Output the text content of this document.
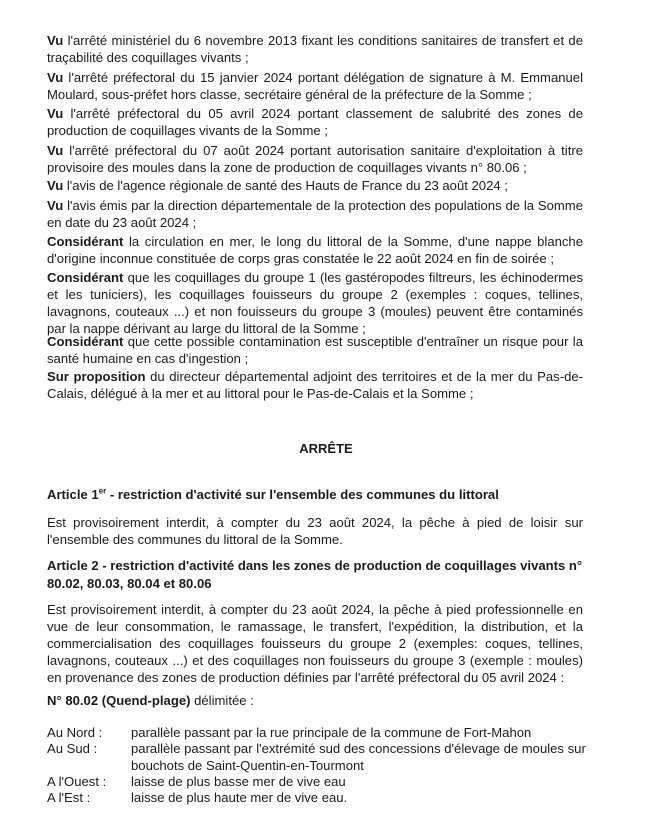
Vu l'arrêté ministériel du 6 novembre 2013 fixant les conditions sanitaires de transfert et de traçabilité des coquillages vivants ;

Vu l'arrêté préfectoral du 15 janvier 2024 portant délégation de signature à M. Emmanuel Moulard, sous-préfet hors classe, secrétaire général de la préfecture de la Somme ;

Vu l'arrêté préfectoral du 05 avril 2024 portant classement de salubrité des zones de production de coquillages vivants de la Somme ;

Vu l'arrêté préfectoral du 07 août 2024 portant autorisation sanitaire d'exploitation à titre provisoire des moules dans la zone de production de coquillages vivants n° 80.06 ;

Vu l'avis de l'agence régionale de santé des Hauts de France du 23 août 2024 ;

Vu l'avis émis par la direction départementale de la protection des populations de la Somme en date du 23 août 2024 ;

Considérant la circulation en mer, le long du littoral de la Somme, d'une nappe blanche d'origine inconnue constituée de corps gras constatée le 22 août 2024 en fin de soirée ;

Considérant que les coquillages du groupe 1 (les gastéropodes filtreurs, les échinodermes et les tuniciers), les coquillages fouisseurs du groupe 2 (exemples : coques, tellines, lavagnons, couteaux ...) et non fouisseurs du groupe 3 (moules) peuvent être contaminés par la nappe dérivant au large du littoral de la Somme ;

Considérant que cette possible contamination est susceptible d'entraîner un risque pour la santé humaine en cas d'ingestion ;

Sur proposition du directeur départemental adjoint des territoires et de la mer du Pas-de-Calais, délégué à la mer et au littoral pour le Pas-de-Calais et la Somme ;

ARRÊTE

Article 1er - restriction d'activité sur l'ensemble des communes du littoral

Est provisoirement interdit, à compter du 23 août 2024, la pêche à pied de loisir sur l'ensemble des communes du littoral de la Somme.

Article 2 - restriction d'activité dans les zones de production de coquillages vivants n° 80.02, 80.03, 80.04 et 80.06

Est provisoirement interdit, à compter du 23 août 2024, la pêche à pied professionnelle en vue de leur consommation, le ramassage, le transfert, l'expédition, la distribution, et la commercialisation des coquillages fouisseurs du groupe 2 (exemples: coques, tellines, lavagnons, couteaux ...) et des coquillages non fouisseurs du groupe 3 (exemple : moules) en provenance des zones de production définies par l'arrêté préfectoral du 05 avril 2024 :

N° 80.02 (Quend-plage) délimitée :

Au Nord :	parallèle passant par la rue principale de la commune de Fort-Mahon
Au Sud :	parallèle passant par l'extrémité sud des concessions d'élevage de moules sur bouchots de Saint-Quentin-en-Tourmont
A l'Ouest :	laisse de plus basse mer de vive eau
A l'Est :	laisse de plus haute mer de vive eau.
